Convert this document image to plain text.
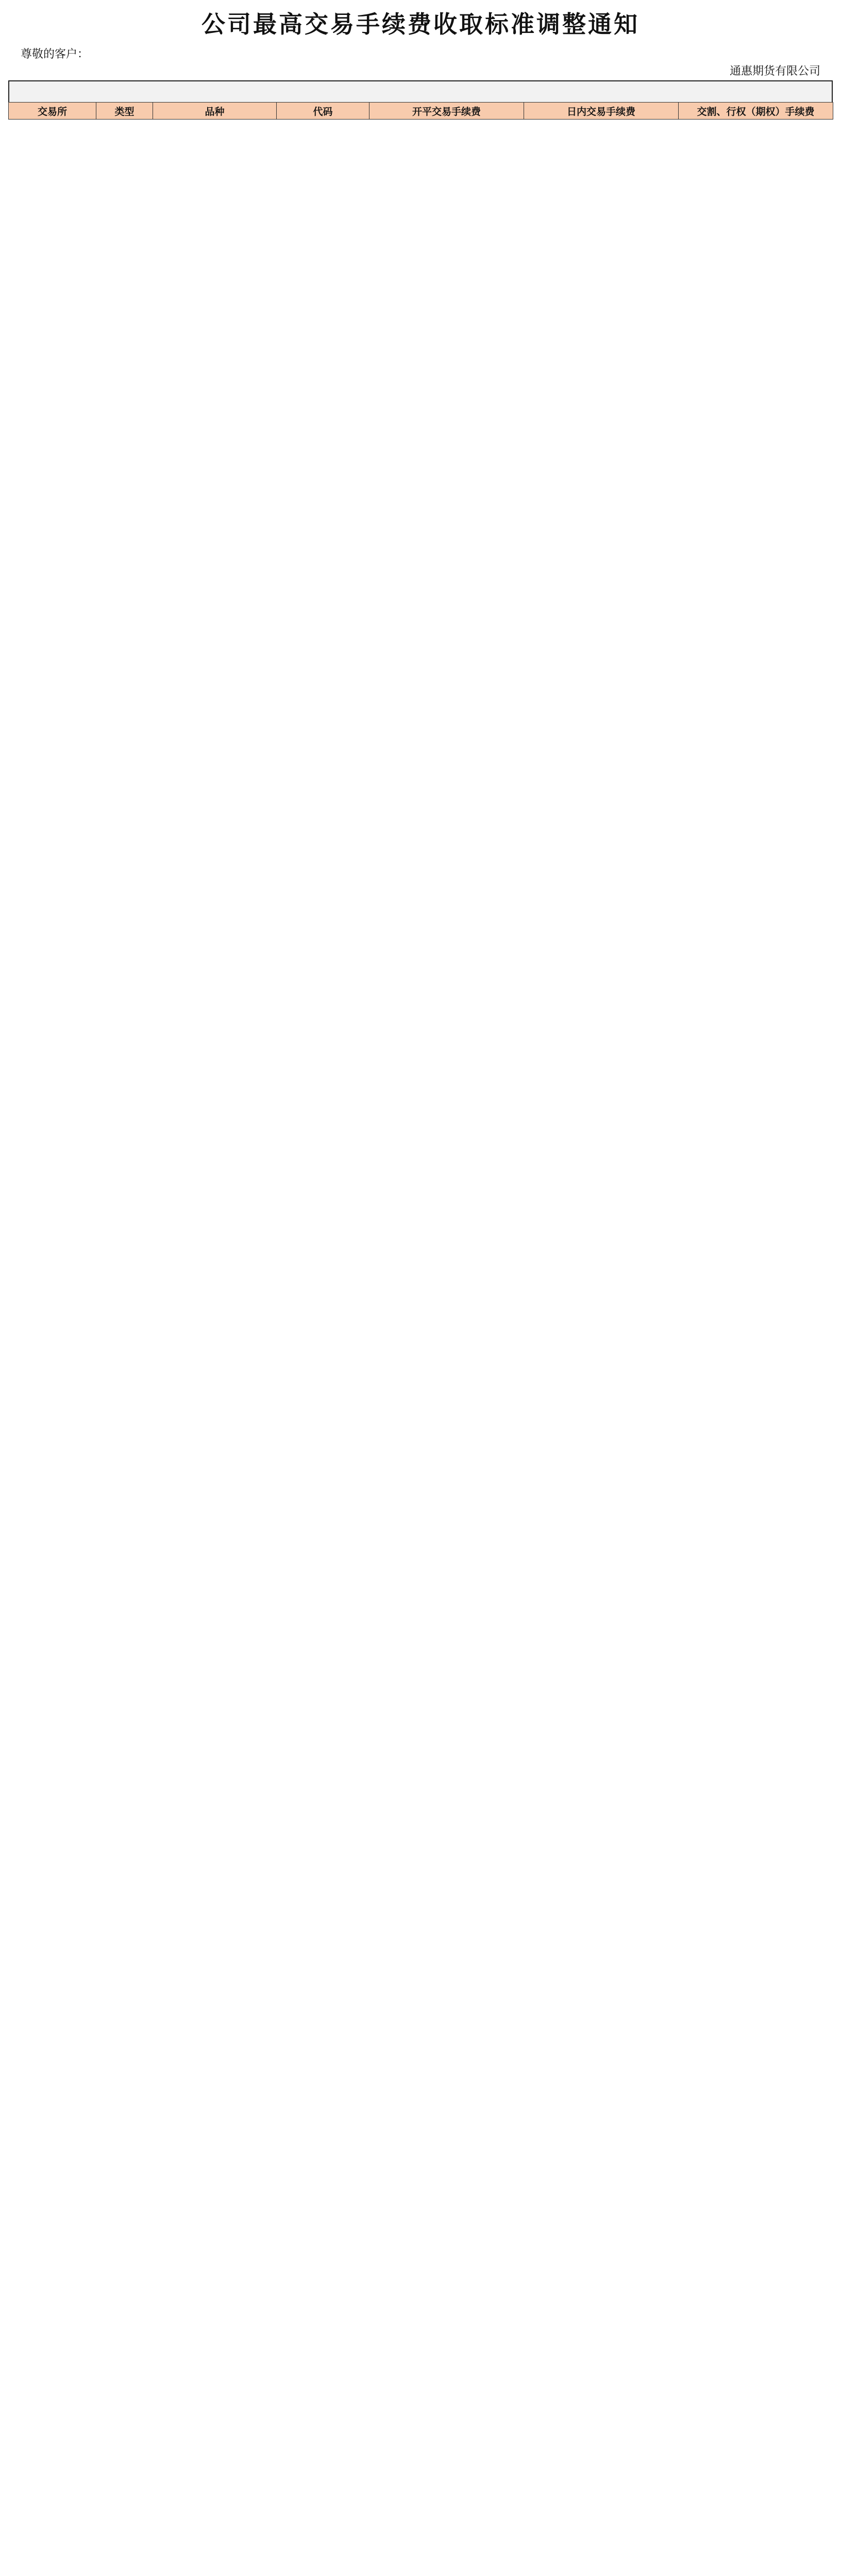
公司最高交易手续费收取标准调整通知
尊敬的客户：
通惠期货有限公司
交易所	类型	品种	代码	开平交易手续费	日内交易手续费	交割、行权（期权）手续费
